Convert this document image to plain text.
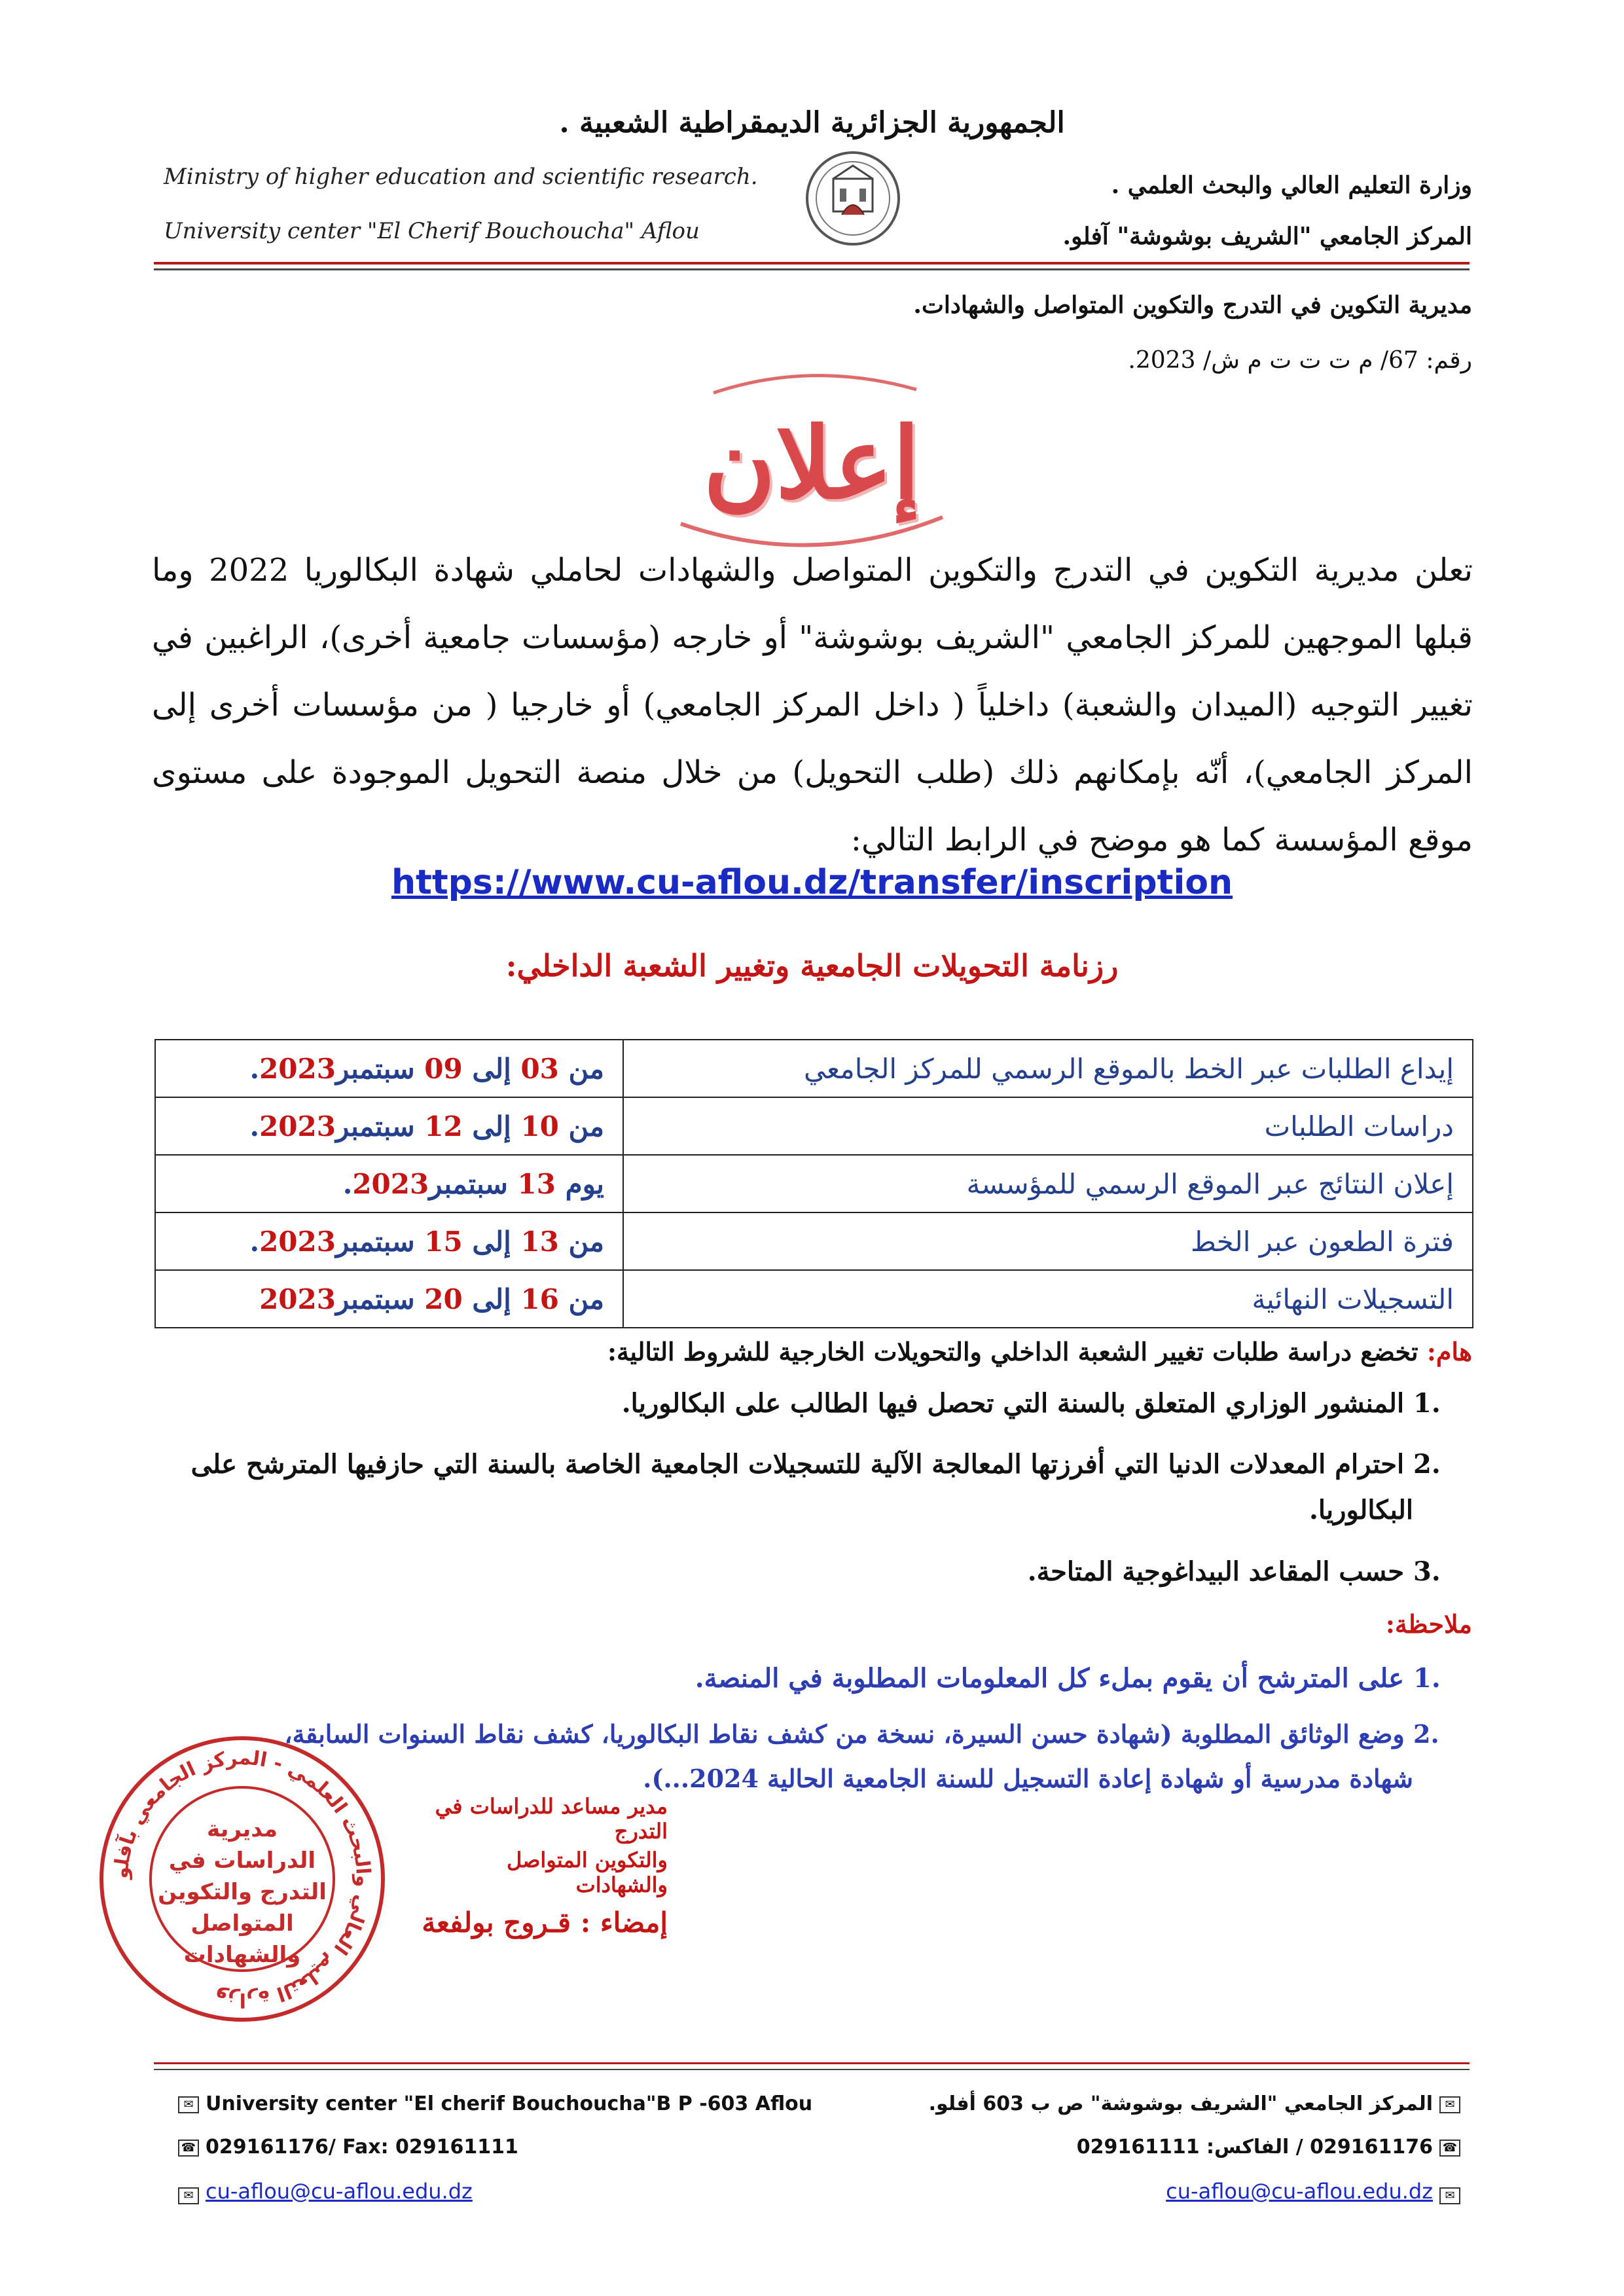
الجمهورية الجزائرية الديمقراطية الشعبية .
Ministry of higher education and scientific research.
University center "El Cherif Bouchoucha" Aflou
وزارة التعليم العالي والبحث العلمي .
المركز الجامعي "الشريف بوشوشة" آفلو.
مديرية التكوين في التدرج والتكوين المتواصل والشهادات.
رقم: 67/ م ت ت ت م ش/ 2023.
إعلان
تعلن مديرية التكوين في التدرج والتكوين المتواصل والشهادات لحاملي شهادة البكالوريا 2022 وما قبلها الموجهين للمركز الجامعي "الشريف بوشوشة" أو خارجه (مؤسسات جامعية أخرى)، الراغبين في تغيير التوجيه (الميدان والشعبة) داخلياً ( داخل المركز الجامعي) أو خارجيا ( من مؤسسات أخرى إلى المركز الجامعي)، أنّه بإمكانهم ذلك (طلب التحويل) من خلال منصة التحويل الموجودة على مستوى موقع المؤسسة كما هو موضح في الرابط التالي:
https://www.cu-aflou.dz/transfer/inscription
رزنامة التحويلات الجامعية وتغيير الشعبة الداخلي:
إيداع الطلبات عبر الخط بالموقع الرسمي للمركز الجامعي	من 03 إلى 09 سبتمبر2023.
دراسات الطلبات	من 10 إلى 12 سبتمبر2023.
إعلان النتائج عبر الموقع الرسمي للمؤسسة	يوم 13 سبتمبر2023.
فترة الطعون عبر الخط	من 13 إلى 15 سبتمبر2023.
التسجيلات النهائية	من 16 إلى 20 سبتمبر2023
هام: تخضع دراسة طلبات تغيير الشعبة الداخلي والتحويلات الخارجية للشروط التالية:
1. المنشور الوزاري المتعلق بالسنة التي تحصل فيها الطالب على البكالوريا.
2. احترام المعدلات الدنيا التي أفرزتها المعالجة الآلية للتسجيلات الجامعية الخاصة بالسنة التي حازفيها المترشح على
البكالوريا.
3. حسب المقاعد البيداغوجية المتاحة.
ملاحظة:
1. على المترشح أن يقوم بملء كل المعلومات المطلوبة في المنصة.
2. وضع الوثائق المطلوبة (شهادة حسن السيرة، نسخة من كشف نقاط البكالوريا، كشف نقاط السنوات السابقة،
شهادة مدرسية أو شهادة إعادة التسجيل للسنة الجامعية الحالية 2024...).
وزارة التعليم العالي والبحث العلمي - المركز الجامعي بآفلو
مديرية الدراسات في التدرج والتكوين المتواصل والشهادات
مدير مساعد للدراسات في التدرج
والتكوين المتواصل والشهادات
إمضاء : قـروج بولفعة
✉ University center "El cherif Bouchoucha"B P -603 Aflou
☎ 029161176/ Fax: 029161111
✉ cu-aflou@cu-aflou.edu.dz
✉المركز الجامعي "الشريف بوشوشة" ص ب 603 أفلو.
☎029161176 / الفاكس: 029161111
✉cu-aflou@cu-aflou.edu.dz
